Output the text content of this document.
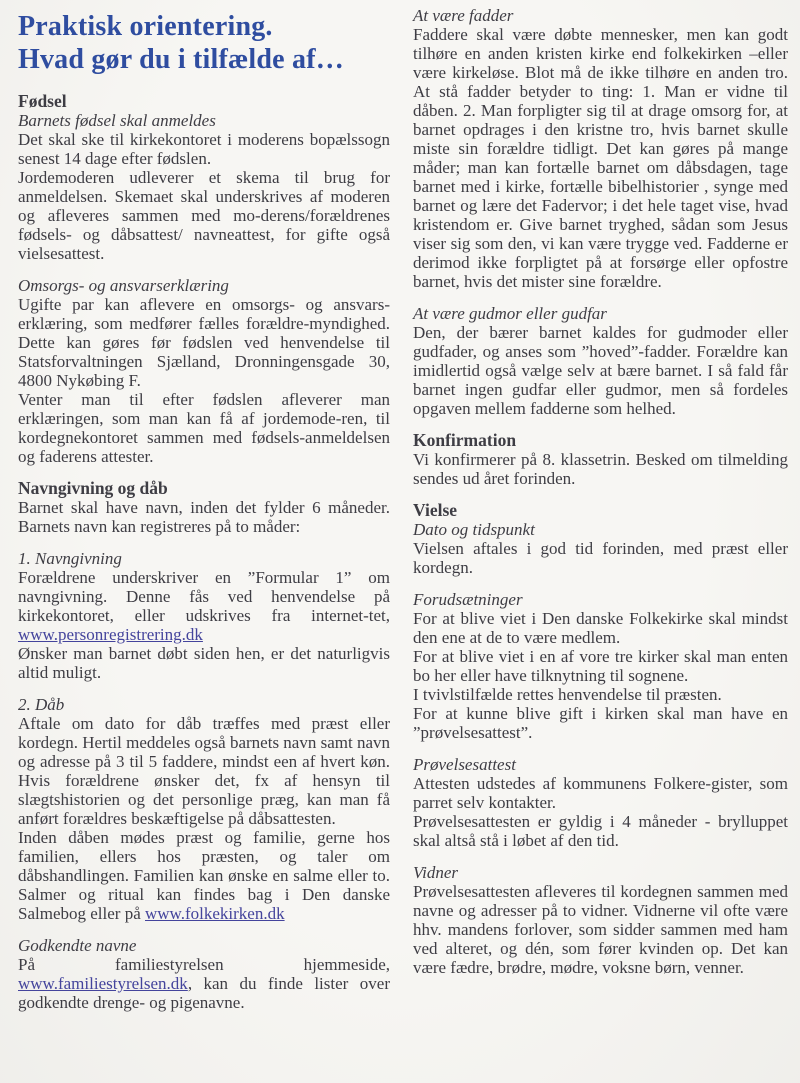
Praktisk orientering.
Hvad gør du i tilfælde af…
Fødsel
Barnets fødsel skal anmeldes

Det skal ske til kirkekontoret i moderens bopælssogn senest 14 dage efter fødslen.

Jordemoderen udleverer et skema til brug for anmeldelsen. Skemaet skal underskrives af moderen og afleveres sammen med mo-derens/forældrenes fødsels- og dåbsattest/ navneattest, for gifte også vielsesattest.

Omsorgs- og ansvarserklæring

Ugifte par kan aflevere en omsorgs- og ansvars-erklæring, som medfører fælles forældre-myndighed. Dette kan gøres før fødslen ved henvendelse til Statsforvaltningen Sjælland, Dronningensgade 30, 4800 Nykøbing F.

Venter man til efter fødslen afleverer man erklæringen, som man kan få af jordemode-ren, til kordegnekontoret sammen med fødsels-anmeldelsen og faderens attester.

Navngivning og dåb

Barnet skal have navn, inden det fylder 6 måneder. Barnets navn kan registreres på to måder:

1. Navngivning

Forældrene underskriver en ”Formular 1” om navngivning. Denne fås ved henvendelse på kirkekontoret, eller udskrives fra internet-tet, www.personregistrering.dk

Ønsker man barnet døbt siden hen, er det naturligvis altid muligt.

2. Dåb

Aftale om dato for dåb træffes med præst eller kordegn. Hertil meddeles også barnets navn samt navn og adresse på 3 til 5 faddere, mindst een af hvert køn. Hvis forældrene ønsker det, fx af hensyn til slægtshistorien og det personlige præg, kan man få anført forældres beskæftigelse på dåbsattesten.

Inden dåben mødes præst og familie, gerne hos familien, ellers hos præsten, og taler om dåbshandlingen. Familien kan ønske en salme eller to. Salmer og ritual kan findes bag i Den danske Salmebog eller på www.folkekirken.dk

Godkendte navne

På familiestyrelsen hjemmeside, www.familiestyrelsen.dk, kan du finde lister over godkendte drenge- og pigenavne.

At være fadder

Faddere skal være døbte mennesker, men kan godt tilhøre en anden kristen kirke end folkekirken –eller være kirkeløse. Blot må de ikke tilhøre en anden tro. At stå fadder betyder to ting: 1. Man er vidne til dåben. 2. Man forpligter sig til at drage omsorg for, at barnet opdrages i den kristne tro, hvis barnet skulle miste sin forældre tidligt. Det kan gøres på mange måder; man kan fortælle barnet om dåbsdagen, tage barnet med i kirke, fortælle bibelhistorier , synge med barnet og lære det Fadervor; i det hele taget vise, hvad kristendom er. Give barnet tryghed, sådan som Jesus viser sig som den, vi kan være trygge ved. Fadderne er derimod ikke forpligtet på at forsørge eller opfostre barnet, hvis det mister sine forældre.

At være gudmor eller gudfar

Den, der bærer barnet kaldes for gudmoder eller gudfader, og anses som ”hoved”-fadder. Forældre kan imidlertid også vælge selv at bære barnet. I så fald får barnet ingen gudfar eller gudmor, men så fordeles opgaven mellem fadderne som helhed.

Konfirmation

Vi konfirmerer på 8. klassetrin. Besked om tilmelding sendes ud året forinden.

Vielse
Dato og tidspunkt

Vielsen aftales i god tid forinden, med præst eller kordegn.

Forudsætninger

For at blive viet i Den danske Folkekirke skal mindst den ene at de to være medlem.

For at blive viet i en af vore tre kirker skal man enten bo her eller have tilknytning til sognene.

I tvivlstilfælde rettes henvendelse til præsten.

For at kunne blive gift i kirken skal man have en ”prøvelsesattest”.

Prøvelsesattest

Attesten udstedes af kommunens Folkere-gister, som parret selv kontakter.

Prøvelsesattesten er gyldig i 4 måneder - brylluppet skal altså stå i løbet af den tid.

Vidner

Prøvelsesattesten afleveres til kordegnen sammen med navne og adresser på to vidner. Vidnerne vil ofte være hhv. mandens forlover, som sidder sammen med ham ved alteret, og dén, som fører kvinden op. Det kan være fædre, brødre, mødre, voksne børn, venner.
